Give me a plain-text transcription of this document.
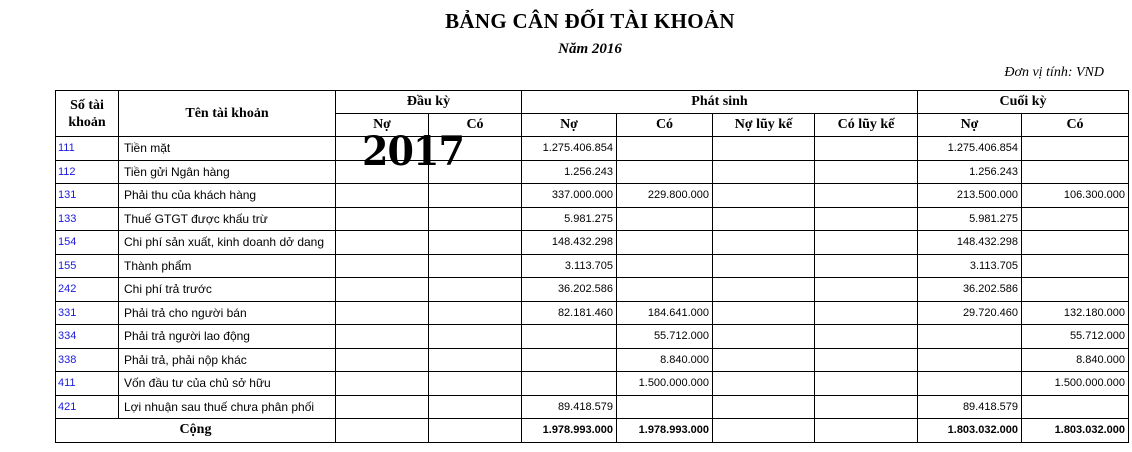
BẢNG CÂN ĐỐI TÀI KHOẢN
Năm 2016
Đơn vị tính: VND
Số tài khoản	Tên tài khoản	Đầu kỳ		Phát sinh				Cuối kỳ	
		Nợ	Có	Nợ	Có	Nợ lũy kế	Có lũy kế	Nợ	Có
111	Tiền mặt			1.275.406.854				1.275.406.854	
112	Tiền gửi Ngân hàng			1.256.243				1.256.243	
131	Phải thu của khách hàng			337.000.000	229.800.000			213.500.000	106.300.000
133	Thuế GTGT được khấu trừ			5.981.275				5.981.275	
154	Chi phí sản xuất, kinh doanh dở dang			148.432.298				148.432.298	
155	Thành phẩm			3.113.705				3.113.705	
242	Chi phí trả trước			36.202.586				36.202.586	
331	Phải trả cho người bán			82.181.460	184.641.000			29.720.460	132.180.000
334	Phải trả người lao động				55.712.000				55.712.000
338	Phải trả, phải nộp khác				8.840.000				8.840.000
411	Vốn đầu tư của chủ sở hữu				1.500.000.000				1.500.000.000
421	Lợi nhuận sau thuế chưa phân phối			89.418.579				89.418.579	
Cộng				1.978.993.000	1.978.993.000			1.803.032.000	1.803.032.000
2017
